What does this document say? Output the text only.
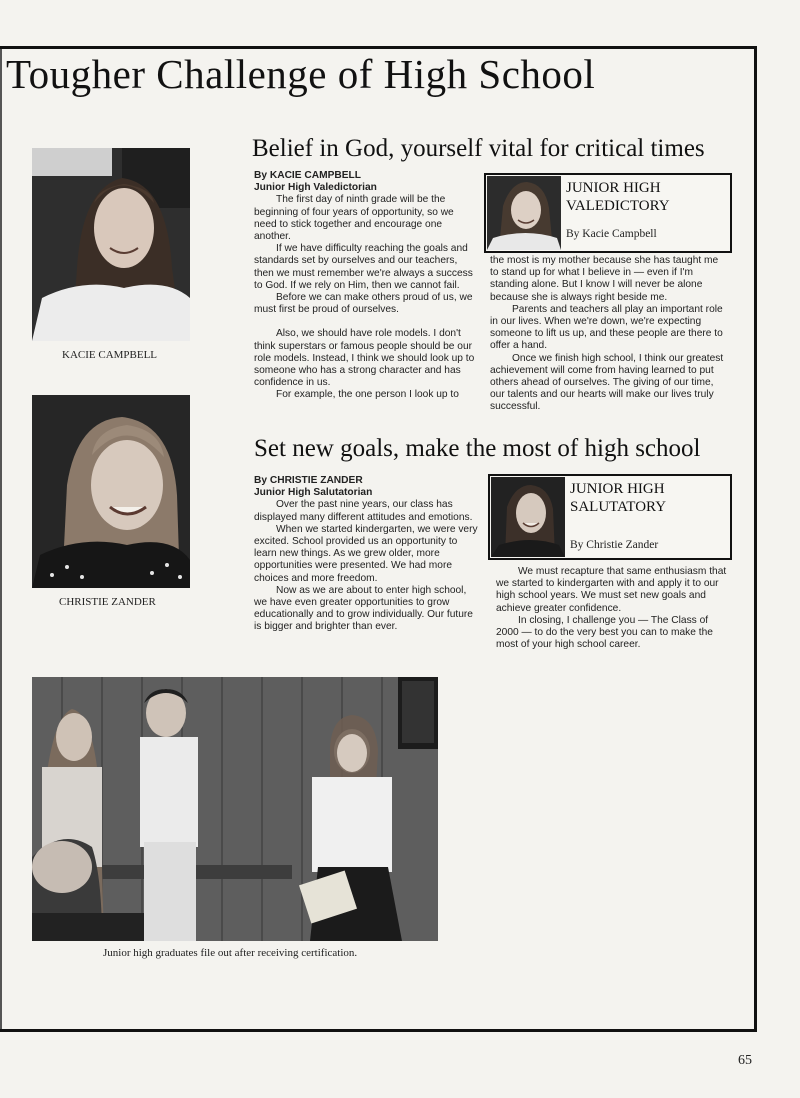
Tougher Challenge of High School
KACIE CAMPBELL
CHRISTIE ZANDER
Belief in God, yourself vital for critical times
By KACIE CAMPBELL
Junior High Valedictorian

The first day of ninth grade will be the beginning of four years of opportunity, so we need to stick together and encourage one another.

If we have difficulty reaching the goals and standards set by ourselves and our teachers, then we must remember we're always a success to God. If we rely on Him, then we cannot fail.

Before we can make others proud of us, we must first be proud of ourselves.

Also, we should have role models. I don't think superstars or famous people should be our role models. Instead, I think we should look up to someone who has a strong character and has confidence in us.

For example, the one person I look up to

JUNIOR HIGH
VALEDICTORY
By Kacie Campbell

the most is my mother because she has taught me to stand up for what I believe in — even if I'm standing alone. But I know I will never be alone because she is always right beside me.

Parents and teachers all play an important role in our lives. When we're down, we're expecting someone to lift us up, and these people are there to offer a hand.

Once we finish high school, I think our greatest achievement will come from having learned to put others ahead of ourselves. The giving of our time, our talents and our hearts will make our lives truly successful.

Set new goals, make the most of high school
By CHRISTIE ZANDER
Junior High Salutatorian

Over the past nine years, our class has displayed many different attitudes and emotions.

When we started kindergarten, we were very excited. School provided us an opportunity to learn new things. As we grew older, more opportunities were presented. We had more choices and more freedom.

Now as we are about to enter high school, we have even greater opportunities to grow educationally and to grow individually. Our future is bigger and brighter than ever.

JUNIOR HIGH
SALUTATORY
By Christie Zander

We must recapture that same enthusiasm that we started to kindergarten with and apply it to our high school years. We must set new goals and achieve greater confidence.

In closing, I challenge you — The Class of 2000 — to do the very best you can to make the most of your high school career.

Junior high graduates file out after receiving certification.
65
